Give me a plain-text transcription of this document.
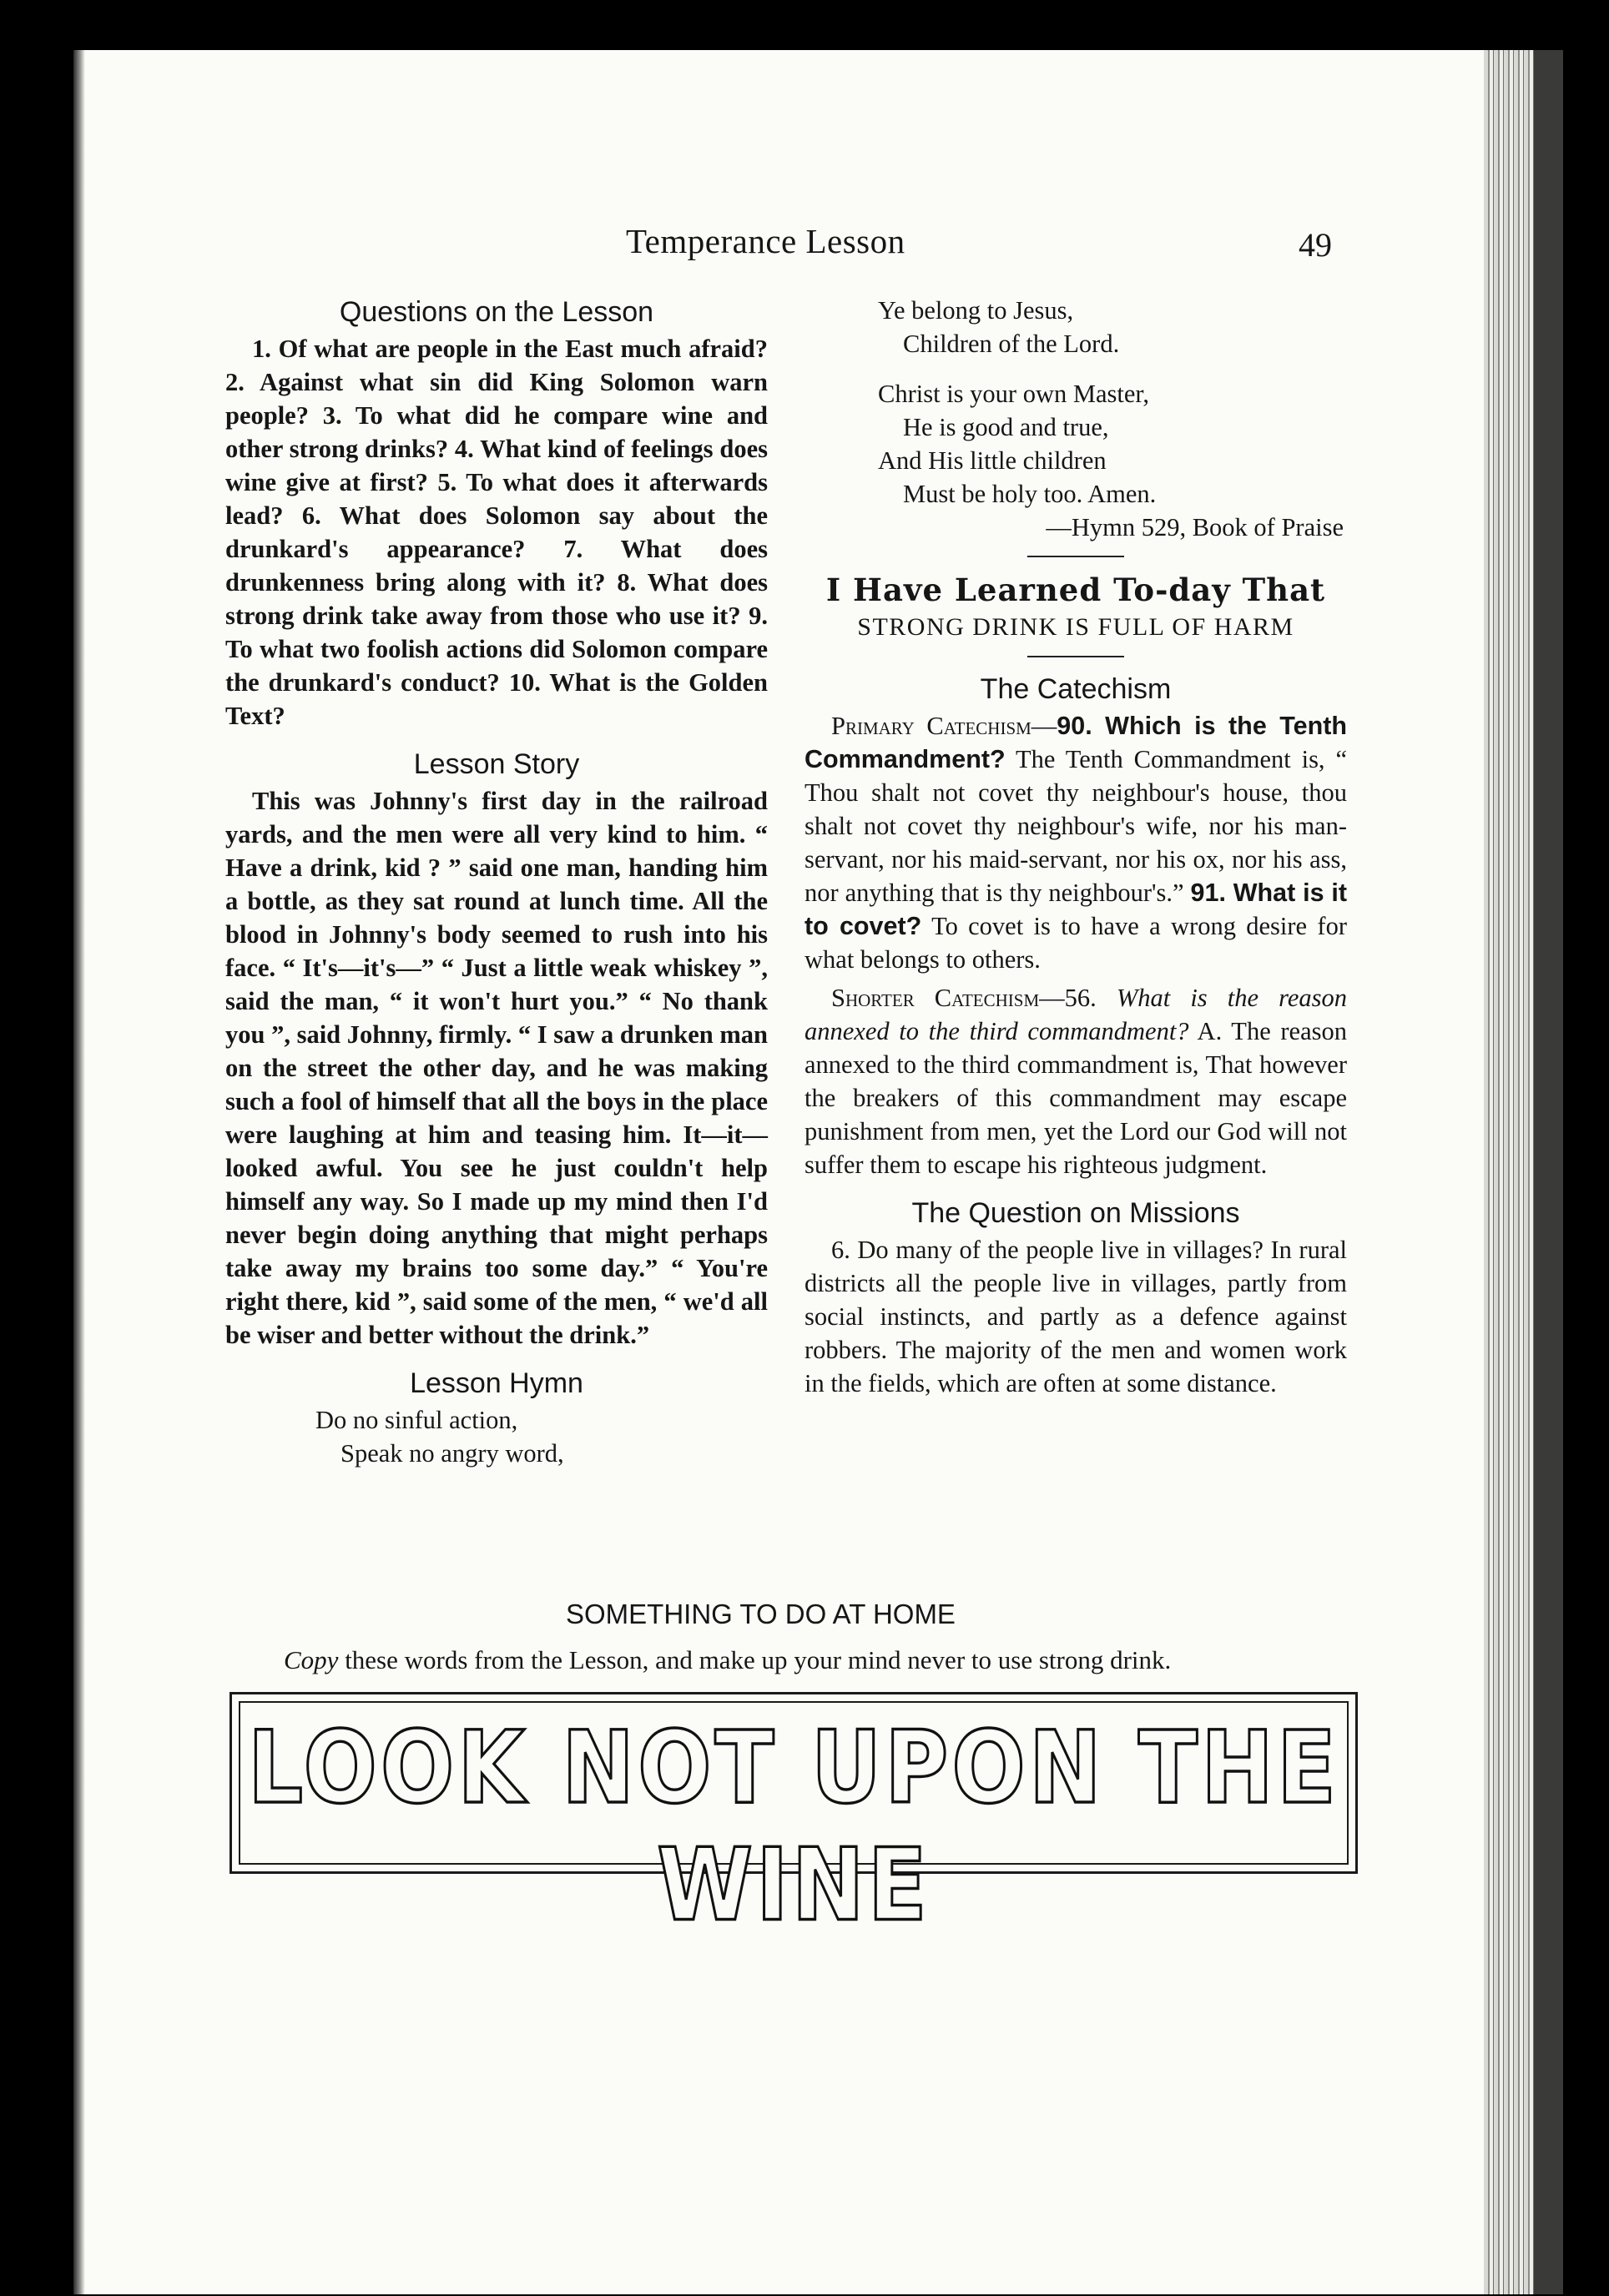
Temperance Lesson	49

Questions on the Lesson

1. Of what are people in the East much afraid? 2. Against what sin did King Solomon warn people? 3. To what did he compare wine and other strong drinks? 4. What kind of feelings does wine give at first? 5. To what does it afterwards lead? 6. What does Solomon say about the drunkard's appearance? 7. What does drunkenness bring along with it? 8. What does strong drink take away from those who use it? 9. To what two foolish actions did Solomon compare the drunkard's conduct? 10. What is the Golden Text?

Lesson Story

This was Johnny's first day in the railroad yards, and the men were all very kind to him. “ Have a drink, kid ? ” said one man, handing him a bottle, as they sat round at lunch time. All the blood in Johnny's body seemed to rush into his face. “ It's—it's—” “ Just a little weak whiskey ”, said the man, “ it won't hurt you.” “ No thank you ”, said Johnny, firmly. “ I saw a drunken man on the street the other day, and he was making such a fool of himself that all the boys in the place were laughing at him and teasing him. It—it—looked awful. You see he just couldn't help himself any way. So I made up my mind then I'd never begin doing anything that might perhaps take away my brains too some day.” “ You're right there, kid ”, said some of the men, “ we'd all be wiser and better without the drink.”

Lesson Hymn

Do no sinful action,
Speak no angry word,
Ye belong to Jesus,
Children of the Lord.
Christ is your own Master,
He is good and true,
And His little children
Must be holy too. Amen.
—Hymn 529, Book of Praise

I Have Learned To-day That

STRONG DRINK IS FULL OF HARM

The Catechism

Primary Catechism—90. Which is the Tenth Commandment? The Tenth Commandment is, “ Thou shalt not covet thy neighbour's house, thou shalt not covet thy neighbour's wife, nor his man-servant, nor his maid-servant, nor his ox, nor his ass, nor anything that is thy neighbour's.” 91. What is it to covet? To covet is to have a wrong desire for what belongs to others.

Shorter Catechism—56. What is the reason annexed to the third commandment? A. The reason annexed to the third commandment is, That however the breakers of this commandment may escape punishment from men, yet the Lord our God will not suffer them to escape his righteous judgment.

The Question on Missions

6. Do many of the people live in villages? In rural districts all the people live in villages, partly from social instincts, and partly as a defence against robbers. The majority of the men and women work in the fields, which are often at some distance.

SOMETHING TO DO AT HOME
Copy these words from the Lesson, and make up your mind never to use strong drink.
LOOK NOT UPON THE WINE
